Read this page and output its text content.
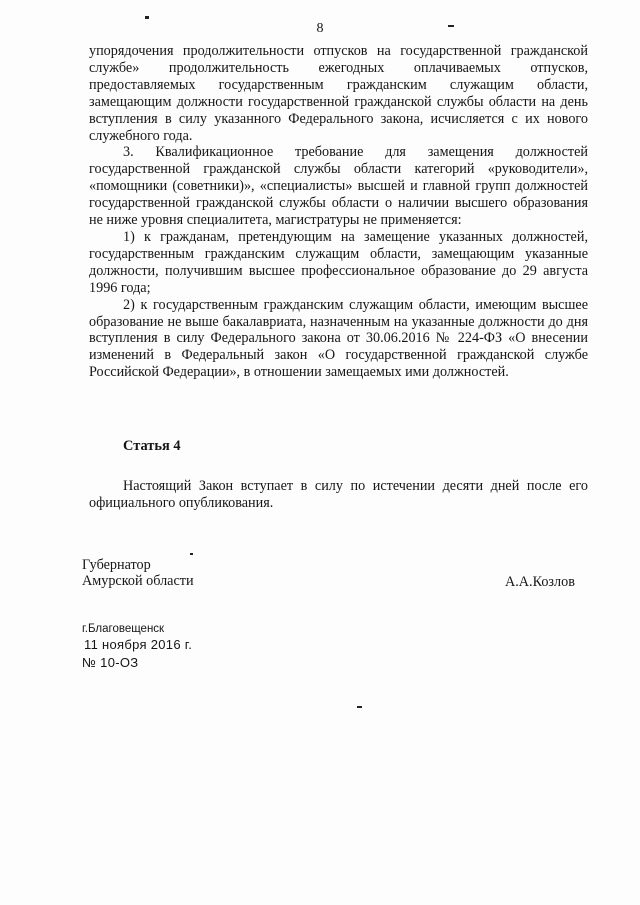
8

упорядочения продолжительности отпусков на государственной гражданской службе» продолжительность ежегодных оплачиваемых отпусков, предоставляемых государственным гражданским служащим области, замещающим должности государственной гражданской службы области на день вступления в силу указанного Федерального закона, исчисляется с их нового служебного года.

3. Квалификационное требование для замещения должностей государственной гражданской службы области категорий «руководители», «помощники (советники)», «специалисты» высшей и главной групп должностей государственной гражданской службы области о наличии высшего образования не ниже уровня специалитета, магистратуры не применяется:

1) к гражданам, претендующим на замещение указанных должностей, государственным гражданским служащим области, замещающим указанные должности, получившим высшее профессиональное образование до 29 августа 1996 года;

2) к государственным гражданским служащим области, имеющим высшее образование не выше бакалавриата, назначенным на указанные должности до дня вступления в силу Федерального закона от 30.06.2016 № 224-ФЗ «О внесении изменений в Федеральный закон «О государственной гражданской службе Российской Федерации», в отношении замещаемых ими должностей.

Статья 4

Настоящий Закон вступает в силу по истечении десяти дней после его официального опубликования.

Губернатор
Амурской области	А.А.Козлов
г.Благовещенск
11 ноября 2016 г.
№ 10-ОЗ
